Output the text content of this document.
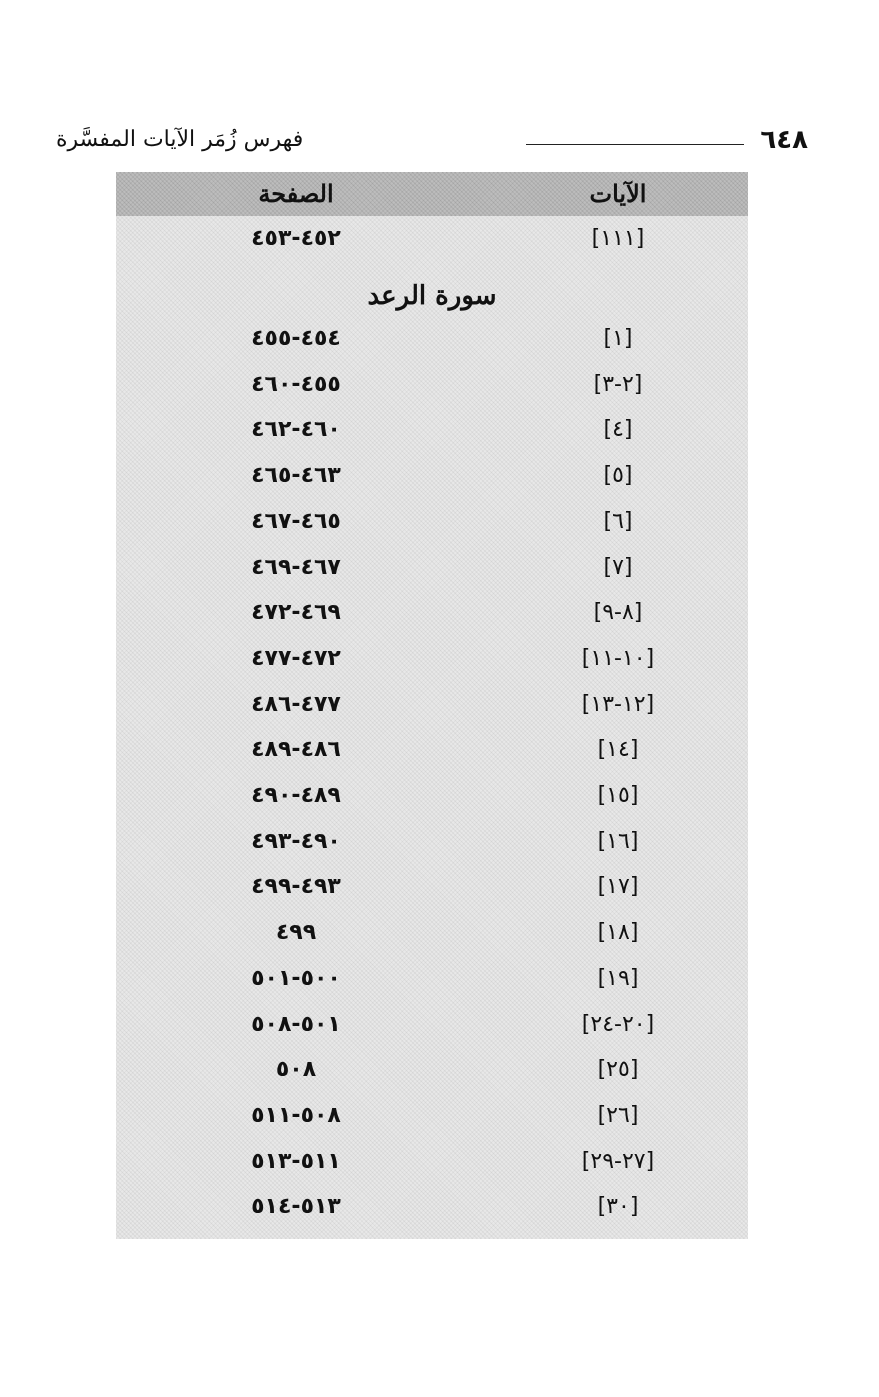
٦٤٨
فهرس زُمَر الآيات المفسَّرة
الآيات
الصفحة
[١١١]
٤٥٢-٤٥٣
سورة الرعد
[١]
٤٥٤-٤٥٥
[٢-٣]
٤٥٥-٤٦٠
[٤]
٤٦٠-٤٦٢
[٥]
٤٦٣-٤٦٥
[٦]
٤٦٥-٤٦٧
[٧]
٤٦٧-٤٦٩
[٨-٩]
٤٦٩-٤٧٢
[١٠-١١]
٤٧٢-٤٧٧
[١٢-١٣]
٤٧٧-٤٨٦
[١٤]
٤٨٦-٤٨٩
[١٥]
٤٨٩-٤٩٠
[١٦]
٤٩٠-٤٩٣
[١٧]
٤٩٣-٤٩٩
[١٨]
٤٩٩
[١٩]
٥٠٠-٥٠١
[٢٠-٢٤]
٥٠١-٥٠٨
[٢٥]
٥٠٨
[٢٦]
٥٠٨-٥١١
[٢٧-٢٩]
٥١١-٥١٣
[٣٠]
٥١٣-٥١٤
